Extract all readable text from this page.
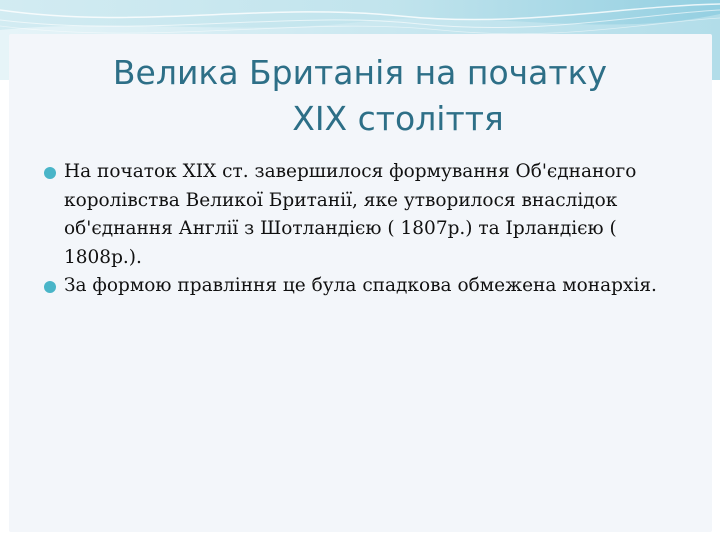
Велика Британія на початку
XIX століття
На початок XIX ст. завершилося формування Об'єднаного королівства Великої Британії, яке утворилося внаслідок об'єднання Англії з Шотландією ( 1807р.) та Ірландією ( 1808р.).
За формою правління це була спадкова обмежена монархія.
